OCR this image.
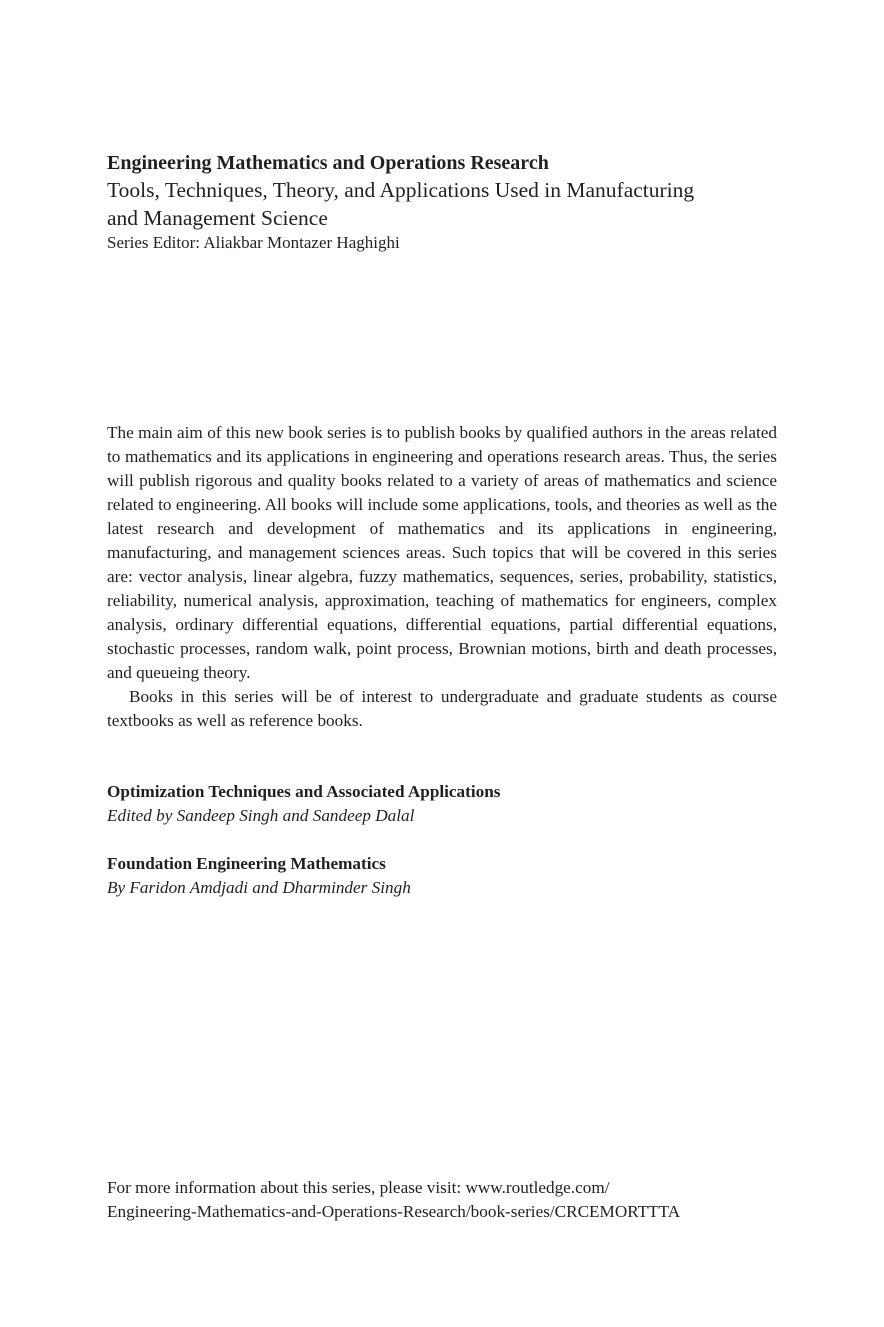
Engineering Mathematics and Operations Research

Tools, Techniques, Theory, and Applications Used in Manufacturing

and Management Science

Series Editor: Aliakbar Montazer Haghighi

The main aim of this new book series is to publish books by qualified authors in the areas related to mathematics and its applications in engineering and operations research areas. Thus, the series will publish rigorous and quality books related to a variety of areas of mathematics and science related to engineering. All books will include some applications, tools, and theories as well as the latest research and development of mathematics and its applications in engineering, manufacturing, and management sciences areas. Such topics that will be covered in this series are: vector analysis, linear algebra, fuzzy mathematics, sequences, series, probability, statistics, reliability, numerical analysis, approximation, teaching of mathematics for engineers, complex analysis, ordinary differential equations, differential equations, partial differential equations, stochastic processes, random walk, point process, Brownian motions, birth and death processes, and queueing theory.

Books in this series will be of interest to undergraduate and graduate students as course textbooks as well as reference books.

Optimization Techniques and Associated Applications

Edited by Sandeep Singh and Sandeep Dalal

Foundation Engineering Mathematics

By Faridon Amdjadi and Dharminder Singh

For more information about this series, please visit: www.routledge.com/
Engineering-Mathematics-and-Operations-Research/book-series/CRCEMORTTTA
